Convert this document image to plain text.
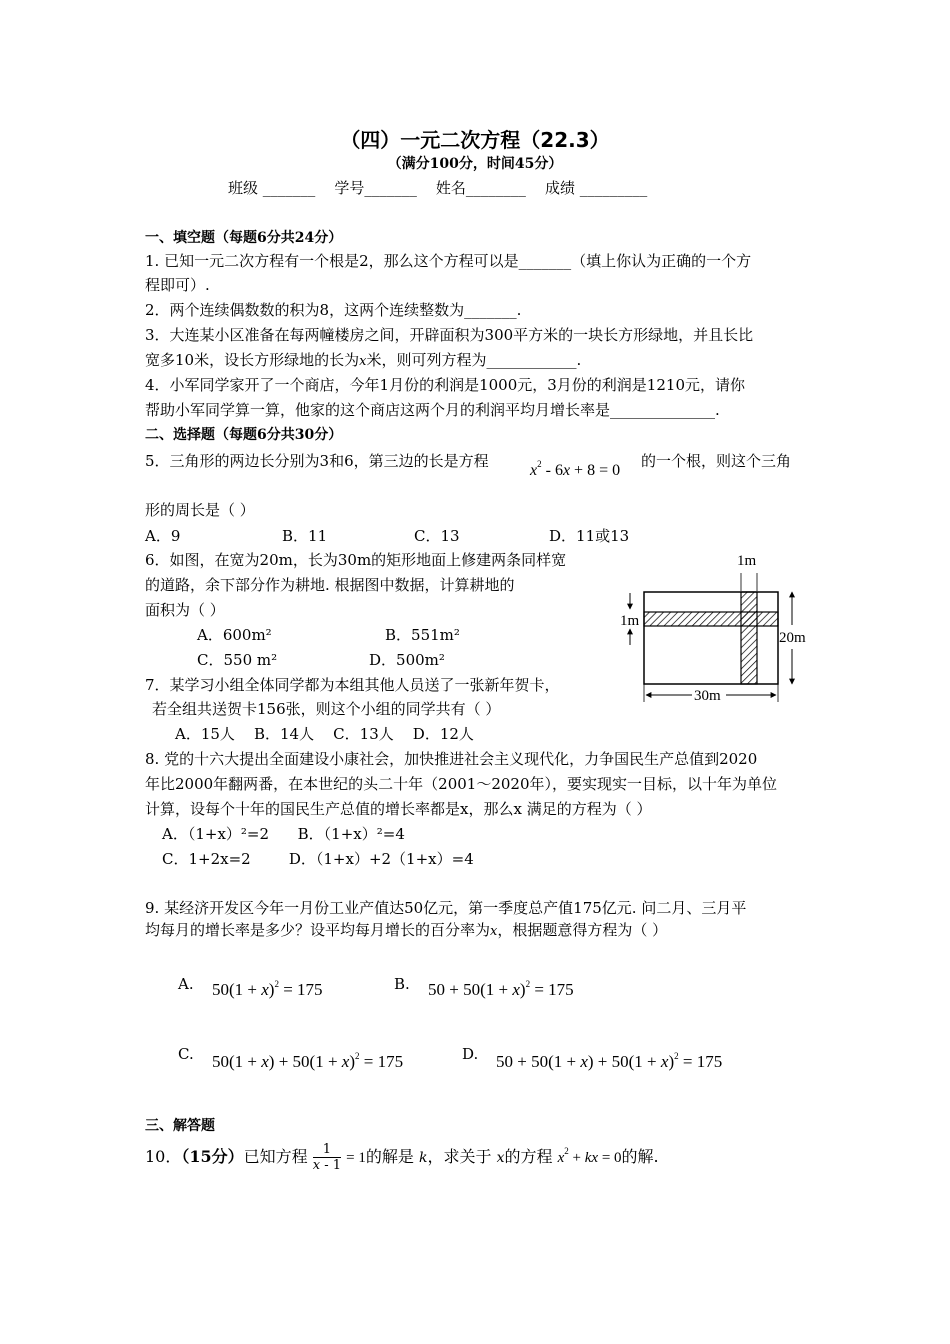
（四）一元二次方程（22.3）
（满分100分，时间45分）
班级 _______    学号_______    姓名________    成绩 _________
一、填空题（每题6分共24分）
1. 已知一元二次方程有一个根是2，那么这个方程可以是_______（填上你认为正确的一个方
程即可）.
2．两个连续偶数数的积为8，这两个连续整数为_______.
3．大连某小区准备在每两幢楼房之间，开辟面积为300平方米的一块长方形绿地，并且长比
宽多10米，设长方形绿地的长为x米，则可列方程为____________.
4．小军同学家开了一个商店，今年1月份的利润是1000元，3月份的利润是1210元，请你
帮助小军同学算一算，他家的这个商店这两个月的利润平均月增长率是______________.
二、选择题（每题6分共30分）
5．三角形的两边长分别为3和6，第三边的长是方程
$x^2 - 6x + 8 = 0$
的一个根，则这个三角
形的周长是（ ）
A．9	B．11	C．13	D．11或13
6．如图，在宽为20m，长为30m的矩形地面上修建两条同样宽
的道路，余下部分作为耕地. 根据图中数据，计算耕地的
面积为（ ）
A．600m²	B．551m²
C．550 m²	D．500m²
7．某学习小组全体同学都为本组其他人员送了一张新年贺卡，
若全组共送贺卡156张，则这个小组的同学共有（ ）
A．15人    B．14人    C．13人    D．12人
8. 党的十六大提出全面建设小康社会，加快推进社会主义现代化，力争国民生产总值到2020
年比2000年翻两番，在本世纪的头二十年（2001～2020年），要实现实一目标，以十年为单位
计算，设每个十年的国民生产总值的增长率都是x，那么x 满足的方程为（ ）
A．（1+x）²=2      B．（1+x）²=4
C．1+2x=2        D．（1+x）+2（1+x）=4
9. 某经济开发区今年一月份工业产值达50亿元，第一季度总产值175亿元. 问二月、三月平
均每月的增长率是多少？设平均每月增长的百分率为x，根据题意得方程为（ ）
A. $50(1 + x)^2 = 175$	B. $50 + 50(1 + x)^2 = 175$
C. $50(1 + x) + 50(1 + x)^2 = 175$	D. $50 + 50(1 + x) + 50(1 + x)^2 = 175$
三、解答题
10．（15分）已知方程 $\frac{1}{x - 1} = 1$的解是 k，求关于 x的方程 $x^2$ + kx = 0的解.
1m
1m
20m
30m
